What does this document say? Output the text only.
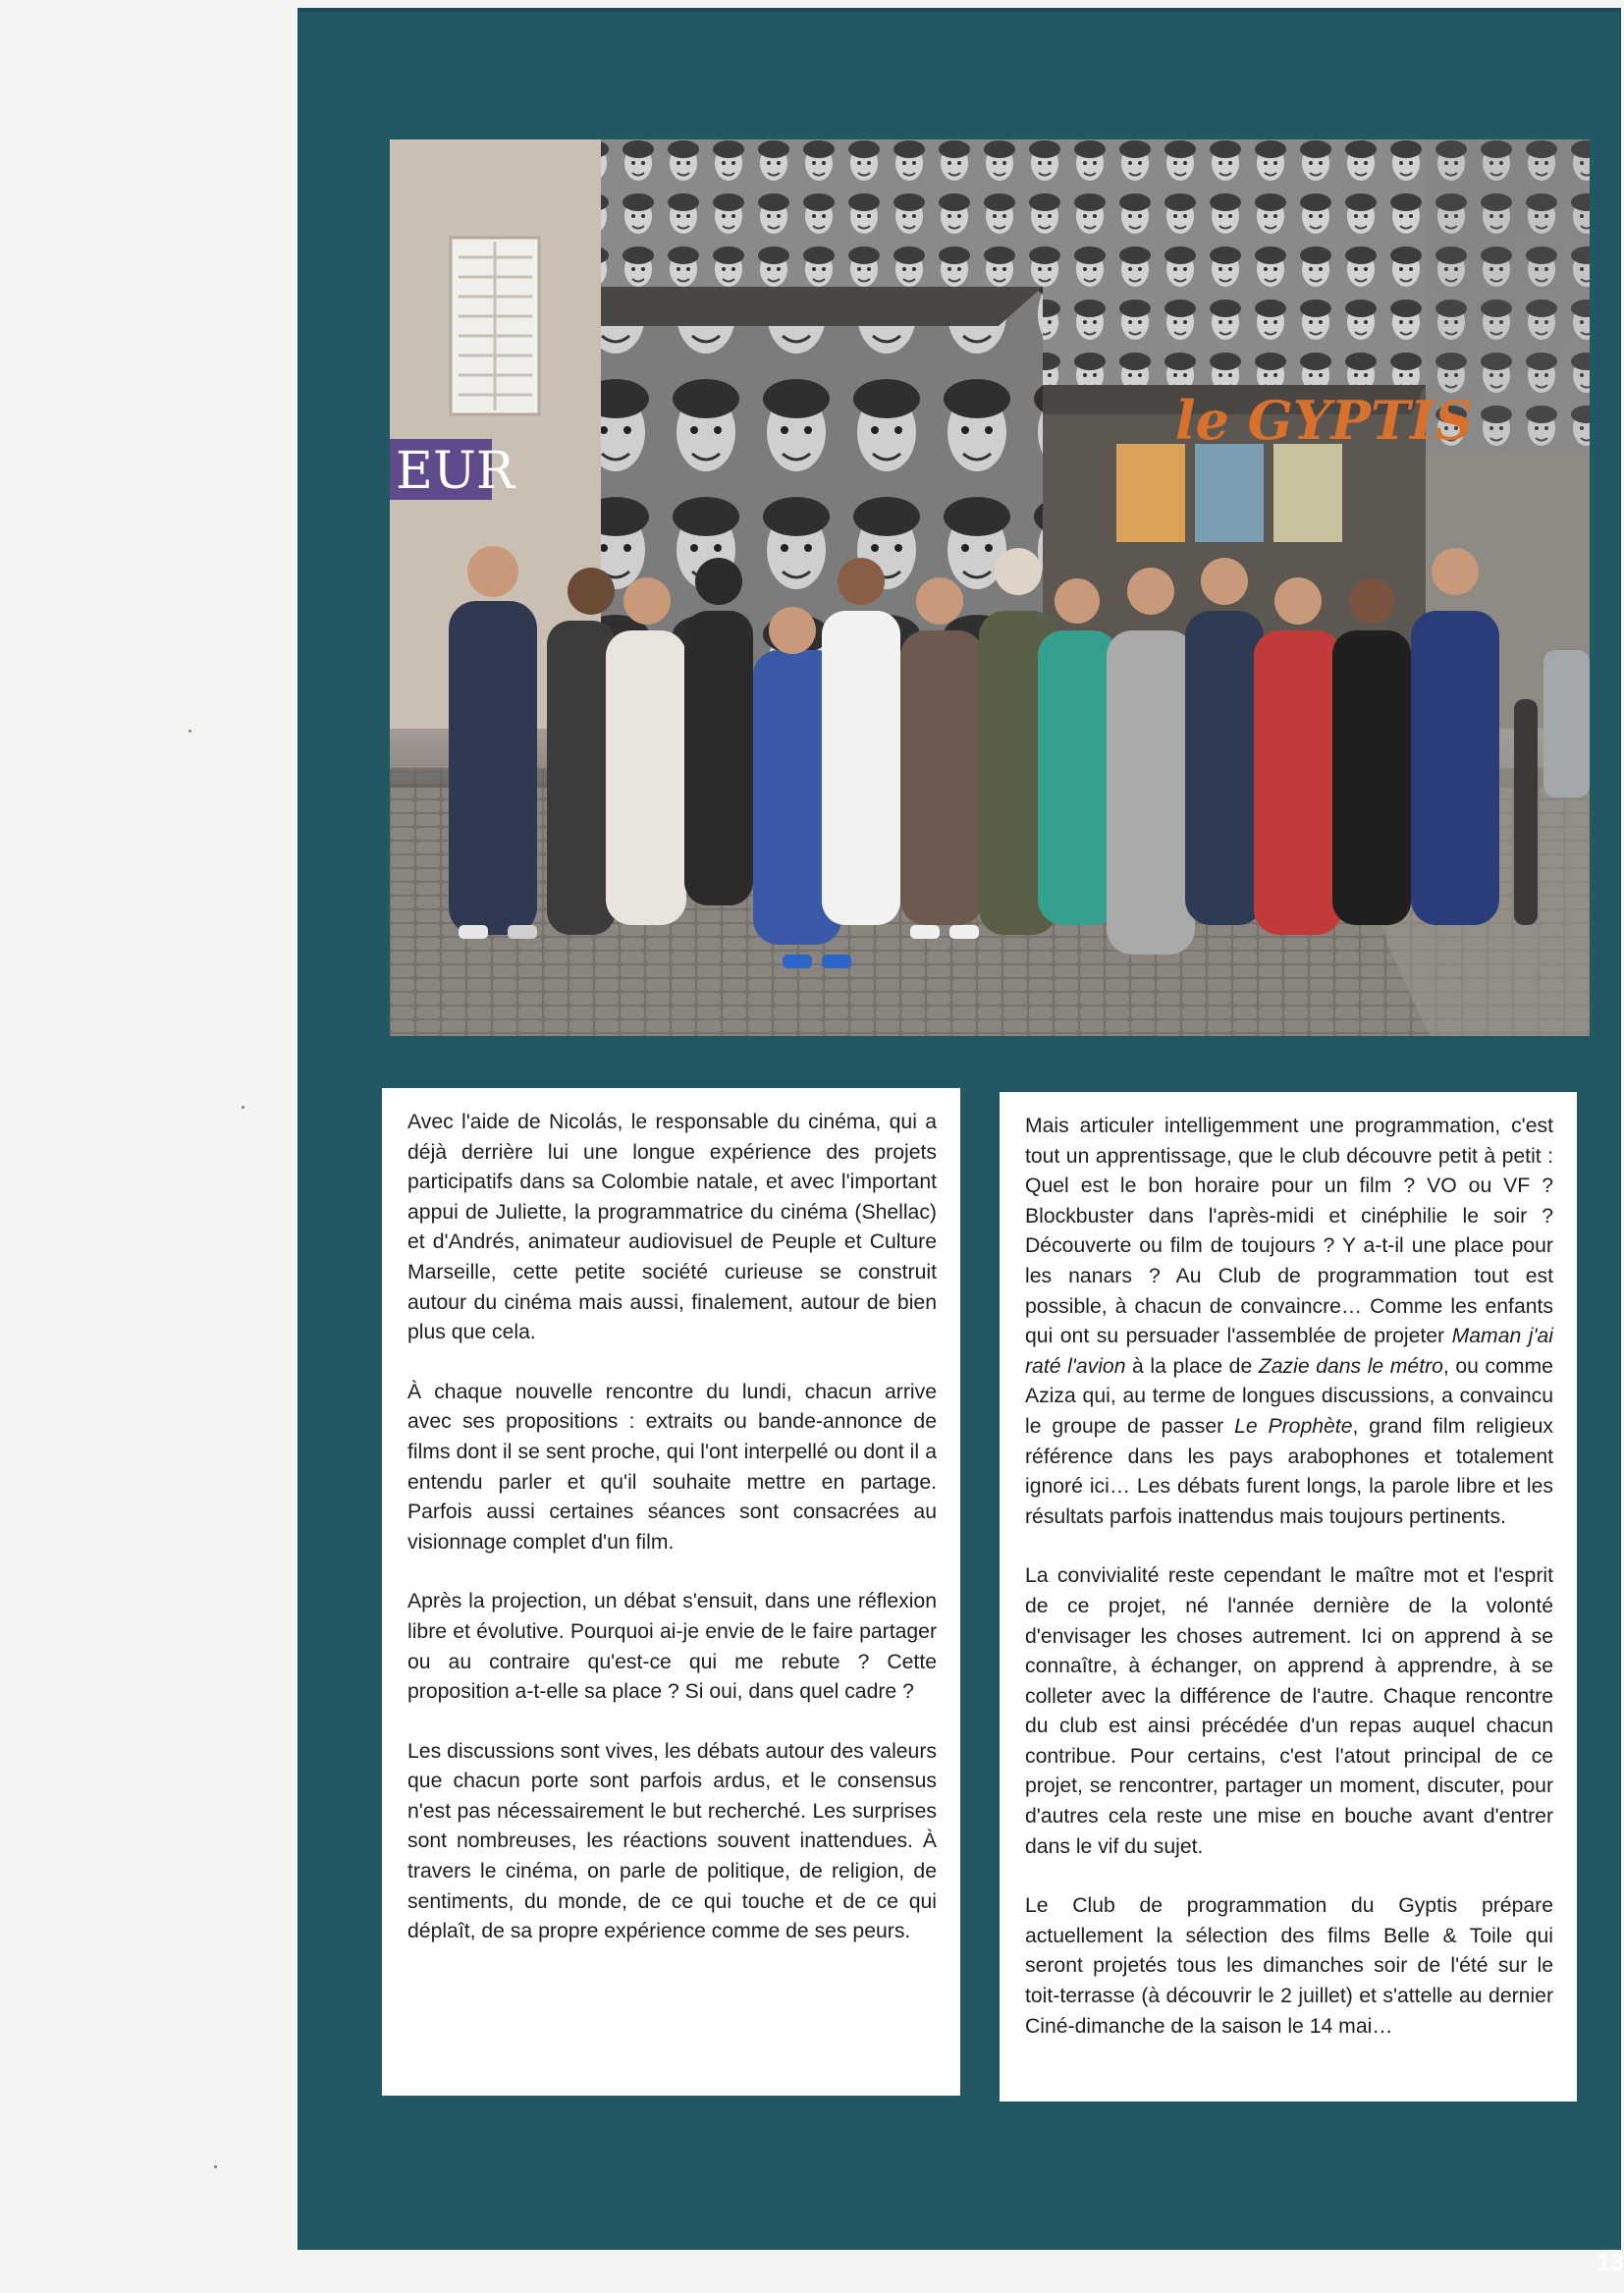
EUR
le GYPTIS

Avec l'aide de Nicolás, le responsable du cinéma, qui a déjà derrière lui une longue expérience des projets participatifs dans sa Colombie natale, et avec l'important appui de Juliette, la programmatrice du cinéma (Shellac) et d'Andrés, animateur audiovisuel de Peuple et Culture Marseille, cette petite société curieuse se construit autour du cinéma mais aussi, finalement, autour de bien plus que cela.

À chaque nouvelle rencontre du lundi, chacun arrive avec ses propositions : extraits ou bande-annonce de films dont il se sent proche, qui l'ont interpellé ou dont il a entendu parler et qu'il souhaite mettre en partage. Parfois aussi certaines séances sont consacrées au visionnage complet d'un film.

Après la projection, un débat s'ensuit, dans une réflexion libre et évolutive. Pourquoi ai-je envie de le faire partager ou au contraire qu'est-ce qui me rebute ? Cette proposition a-t-elle sa place ? Si oui, dans quel cadre ?

Les discussions sont vives, les débats autour des valeurs que chacun porte sont parfois ardus, et le consensus n'est pas nécessairement le but recherché. Les surprises sont nombreuses, les réactions souvent inattendues. À travers le cinéma, on parle de politique, de religion, de sentiments, du monde, de ce qui touche et de ce qui déplaît, de sa propre expérience comme de ses peurs.

Mais articuler intelligemment une programmation, c'est tout un apprentissage, que le club découvre petit à petit : Quel est le bon horaire pour un film ? VO ou VF ? Blockbuster dans l'après-midi et cinéphilie le soir ? Découverte ou film de toujours ? Y a-t-il une place pour les nanars ? Au Club de programmation tout est possible, à chacun de convaincre… Comme les enfants qui ont su persuader l'assemblée de projeter Maman j'ai raté l'avion à la place de Zazie dans le métro, ou comme Aziza qui, au terme de longues discussions, a convaincu le groupe de passer Le Prophète, grand film religieux référence dans les pays arabophones et totalement ignoré ici… Les débats furent longs, la parole libre et les résultats parfois inattendus mais toujours pertinents.

La convivialité reste cependant le maître mot et l'esprit de ce projet, né l'année dernière de la volonté d'envisager les choses autrement. Ici on apprend à se connaître, à échanger, on apprend à apprendre, à se colleter avec la différence de l'autre. Chaque rencontre du club est ainsi précédée d'un repas auquel chacun contribue. Pour certains, c'est l'atout principal de ce projet, se rencontrer, partager un moment, discuter, pour d'autres cela reste une mise en bouche avant d'entrer dans le vif du sujet.

Le Club de programmation du Gyptis prépare actuellement la sélection des films Belle & Toile qui seront projetés tous les dimanches soir de l'été sur le toit-terrasse (à découvrir le 2 juillet) et s'attelle au dernier Ciné-dimanche de la saison le 14 mai…

13
